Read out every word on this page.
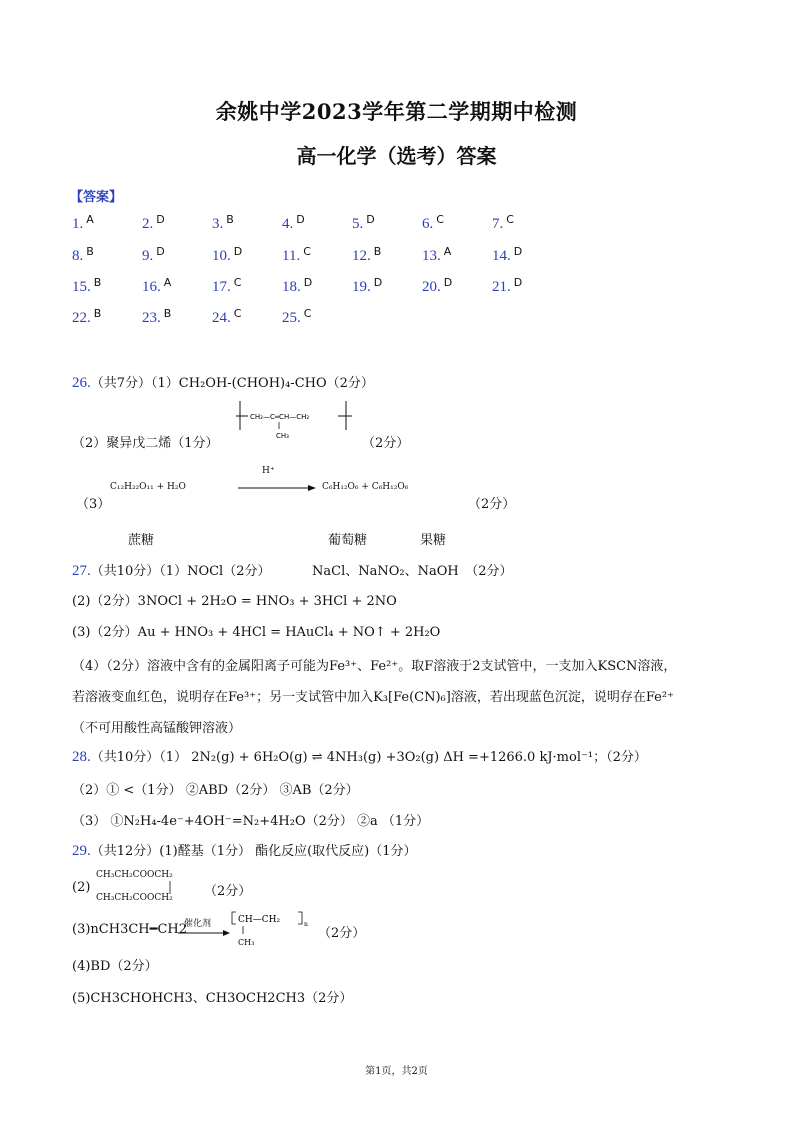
余姚中学2023学年第二学期期中检测
高一化学（选考）答案
【答案】
1. $^A$	2. $^D$	3. $^B$	4. $^D$	5. $^D$	6. $^C$	7. $^C$
8. $^B$	9. $^D$	10. $^D$	11. $^C$	12. $^B$	13. $^A$	14. $^D$
15. $^B$	16. $^A$	17. $^C$	18. $^D$	19. $^D$	20. $^D$	21. $^D$
22. $^B$	23. $^B$	24. $^C$	25. $^C$
26.（共7分）（1）CH₂OH-(CHOH)₄-CHO（2分）
（2）聚异戊二烯（1分）
CH₂—C═CH—CH₂
CH₃	（2分）
（3）
C₁₂H₂₂O₁₁ + H₂O
H⁺
C₆H₁₂O₆ + C₆H₁₂O₆
（2分）
蔗糖	葡萄糖	果糖
27.（共10分）（1）NOCl（2分）	NaCl、NaNO₂、NaOH　（2分）
(2)（2分）3NOCl + 2H₂O = HNO₃ + 3HCl + 2NO
(3)（2分）Au + HNO₃ + 4HCl = HAuCl₄ + NO↑ + 2H₂O
（4）（2分）溶液中含有的金属阳离子可能为Fe³⁺、Fe²⁺。取F溶液于2支试管中，一支加入KSCN溶液，
若溶液变血红色，说明存在Fe³⁺；另一支试管中加入K₃[Fe(CN)₆]溶液，若出现蓝色沉淀，说明存在Fe²⁺
（不可用酸性高锰酸钾溶液）
28.（共10分）（1） 2N₂(g) + 6H₂O(g) ⇌ 4NH₃(g) +3O₂(g) ΔH =+1266.0 kJ·mol⁻¹；（2分）
（2）① <（1分） ②ABD（2分） ③AB（2分）
（3） ①N₂H₄-4e⁻+4OH⁻=N₂+4H₂O（2分） ②a （1分）
29.（共12分）(1)醛基（1分） 酯化反应(取代反应)（1分）
(2)
CH₃CH₂COOCH₂
CH₃CH₂COOCH₂ （2分）
(3)nCH3CH━CH2
催化剂	CH—CH₂	n
CH₃
（2分）
(4)BD（2分）
(5)CH3CHOHCH3、CH3OCH2CH3（2分）
第1页，共2页
